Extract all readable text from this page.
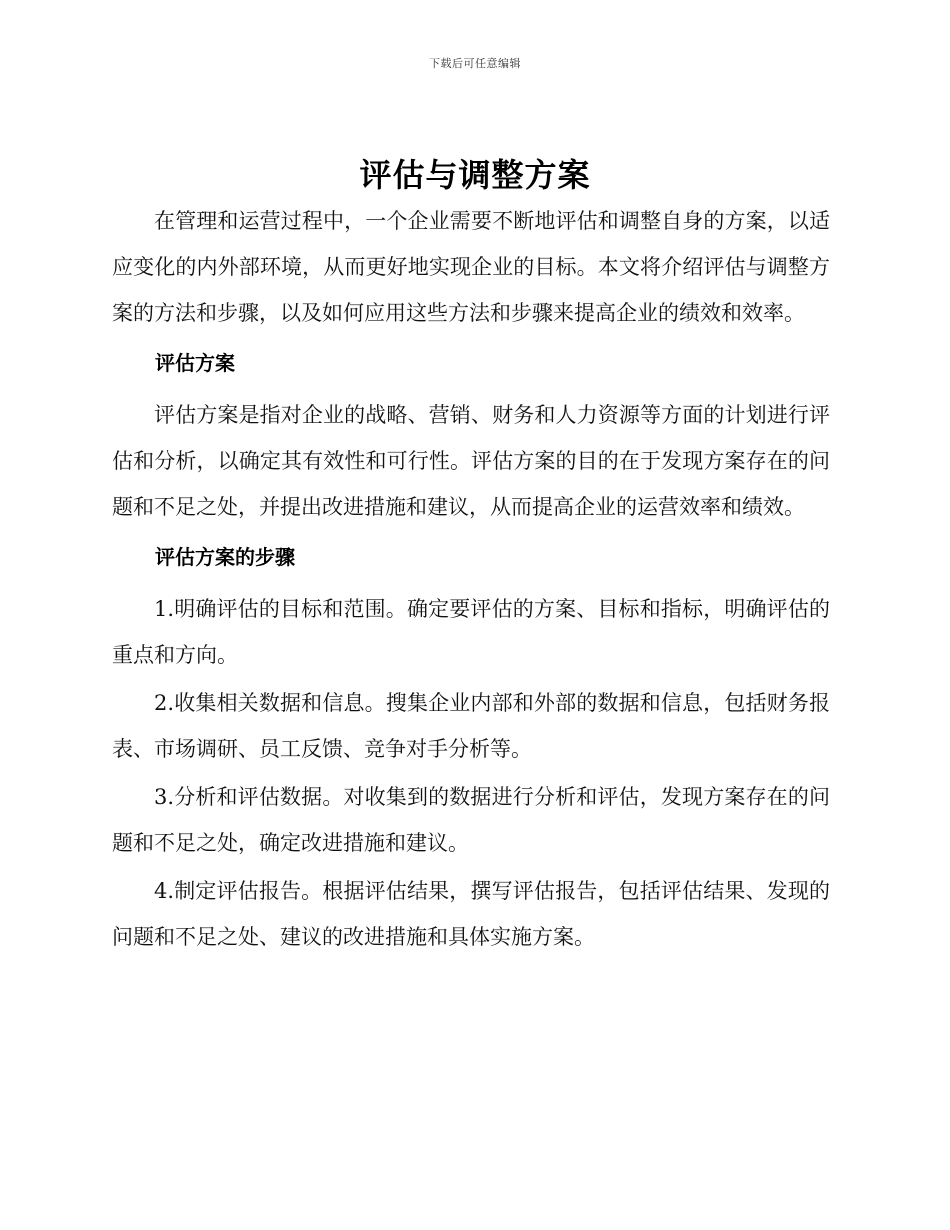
下载后可任意编辑
评估与调整方案

在管理和运营过程中，一个企业需要不断地评估和调整自身的方案，以适应变化的内外部环境，从而更好地实现企业的目标。本文将介绍评估与调整方案的方法和步骤，以及如何应用这些方法和步骤来提高企业的绩效和效率。

评估方案

评估方案是指对企业的战略、营销、财务和人力资源等方面的计划进行评估和分析，以确定其有效性和可行性。评估方案的目的在于发现方案存在的问题和不足之处，并提出改进措施和建议，从而提高企业的运营效率和绩效。

评估方案的步骤

1.明确评估的目标和范围。确定要评估的方案、目标和指标，明确评估的重点和方向。

2.收集相关数据和信息。搜集企业内部和外部的数据和信息，包括财务报表、市场调研、员工反馈、竞争对手分析等。

3.分析和评估数据。对收集到的数据进行分析和评估，发现方案存在的问题和不足之处，确定改进措施和建议。

4.制定评估报告。根据评估结果，撰写评估报告，包括评估结果、发现的问题和不足之处、建议的改进措施和具体实施方案。
